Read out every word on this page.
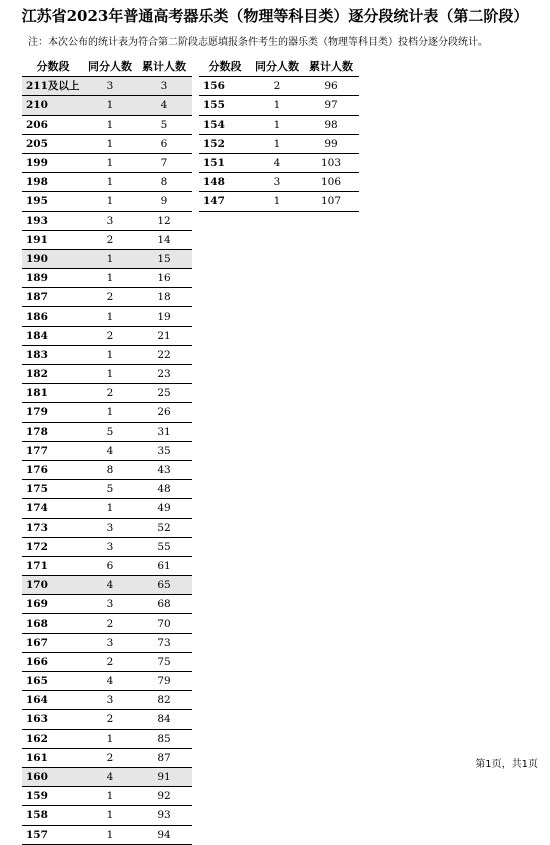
江苏省2023年普通高考器乐类（物理等科目类）逐分段统计表（第二阶段）
注：本次公布的统计表为符合第二阶段志愿填报条件考生的器乐类（物理等科目类）投档分逐分段统计。
分数段	同分人数	累计人数
211及以上	3	3
210	1	4
206	1	5
205	1	6
199	1	7
198	1	8
195	1	9
193	3	12
191	2	14
190	1	15
189	1	16
187	2	18
186	1	19
184	2	21
183	1	22
182	1	23
181	2	25
179	1	26
178	5	31
177	4	35
176	8	43
175	5	48
174	1	49
173	3	52
172	3	55
171	6	61
170	4	65
169	3	68
168	2	70
167	3	73
166	2	75
165	4	79
164	3	82
163	2	84
162	1	85
161	2	87
160	4	91
159	1	92
158	1	93
157	1	94
分数段	同分人数	累计人数
156	2	96
155	1	97
154	1	98
152	1	99
151	4	103
148	3	106
147	1	107
第1页，共1页
